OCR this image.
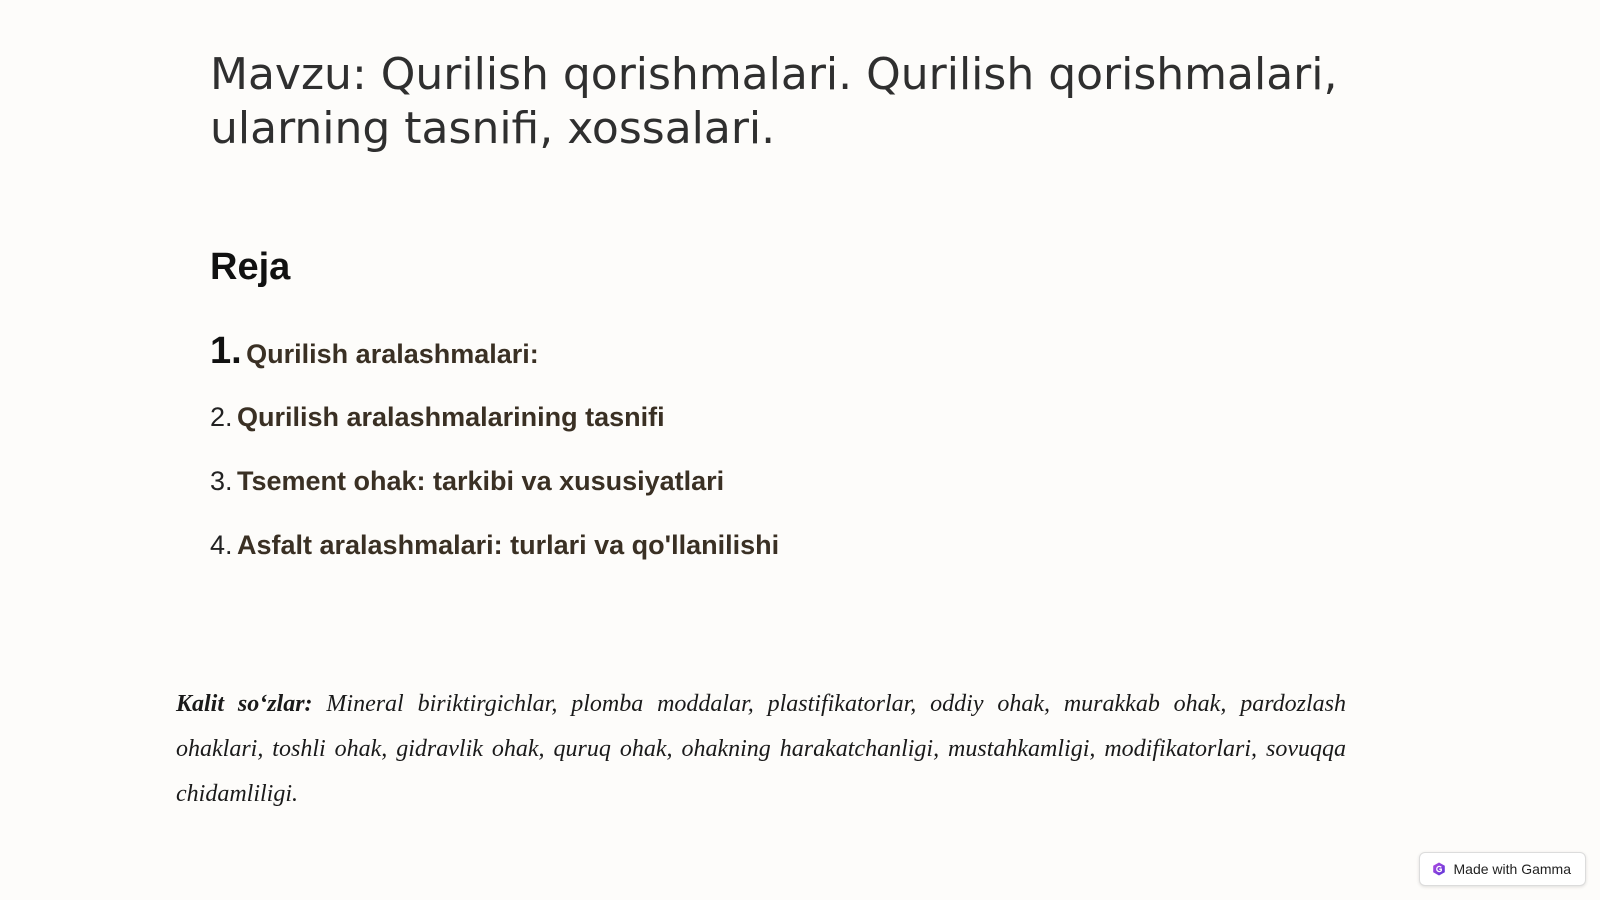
Mavzu: Qurilish qorishmalari. Qurilish qorishmalari, ularning tasnifi, xossalari.
Reja
1. Qurilish aralashmalari:
2. Qurilish aralashmalarining tasnifi
3. Tsement ohak: tarkibi va xususiyatlari
4. Asfalt aralashmalari: turlari va qo'llanilishi

Kalit so‘zlar: Mineral biriktirgichlar, plomba moddalar, plastifikatorlar, oddiy ohak, murakkab ohak, pardozlash ohaklari, toshli ohak, gidravlik ohak, quruq ohak, ohakning harakatchanligi, mustahkamligi, modifikatorlari, sovuqqa chidamliligi.

Made with Gamma
